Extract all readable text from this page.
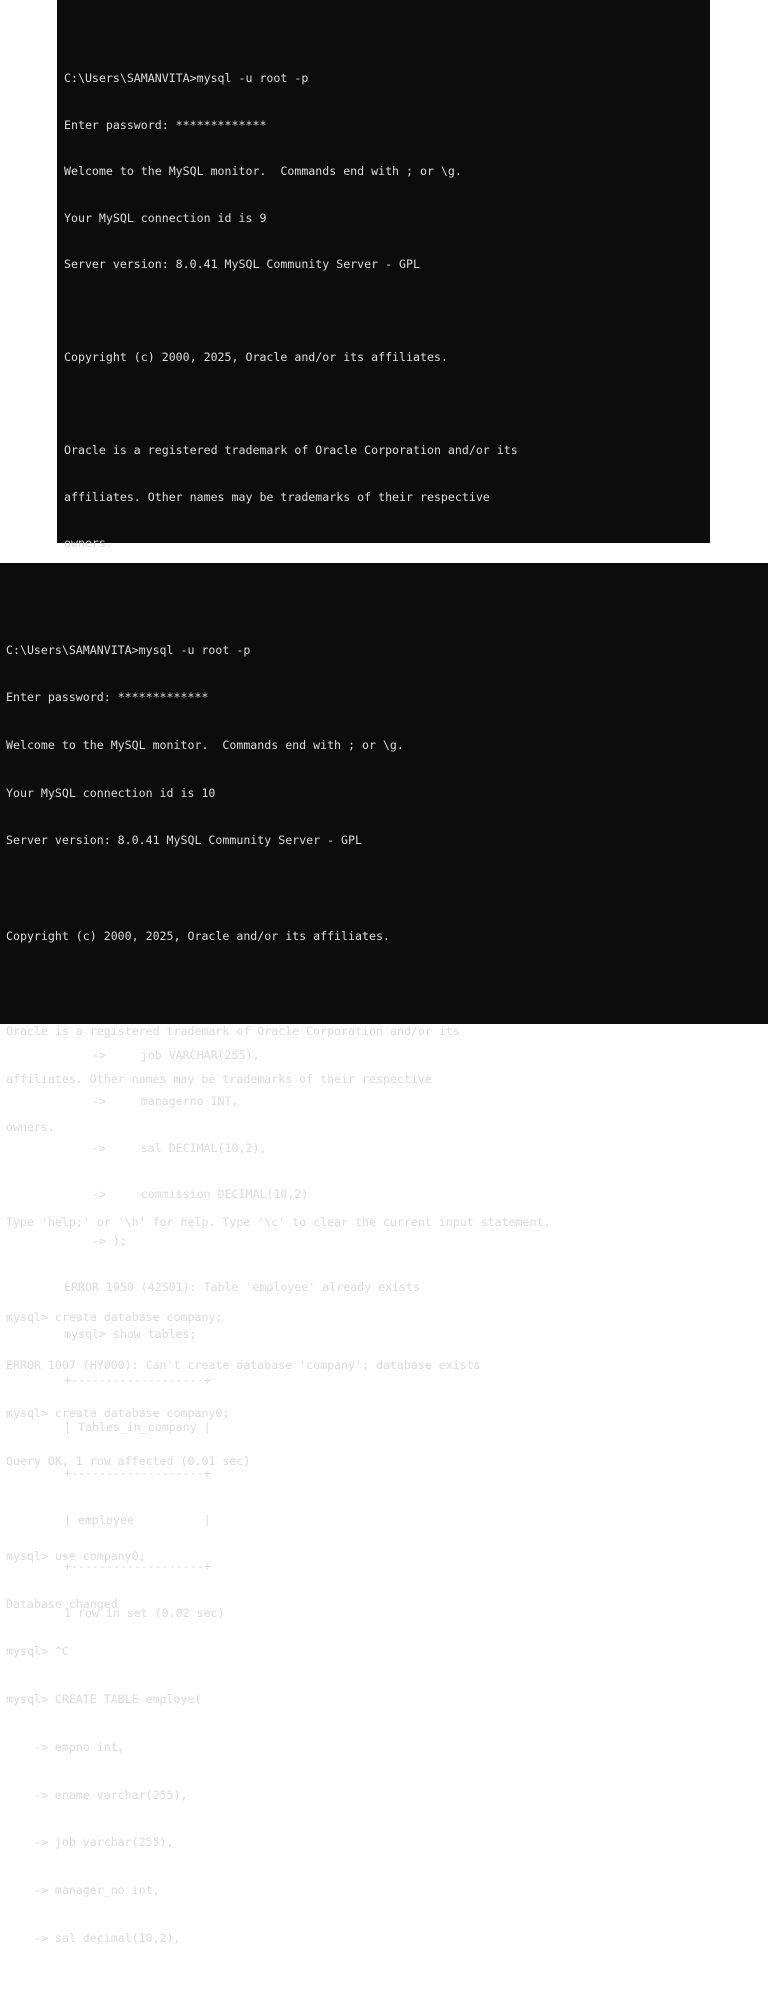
C:\Users\SAMANVITA>mysql -u root -p

Enter password: *************

Welcome to the MySQL monitor.  Commands end with ; or \g.

Your MySQL connection id is 9

Server version: 8.0.41 MySQL Community Server - GPL

Copyright (c) 2000, 2025, Oracle and/or its affiliates.

Oracle is a registered trademark of Oracle Corporation and/or its

affiliates. Other names may be trademarks of their respective

owners.

->     job VARCHAR(255),

->     managerno INT,

->     sal DECIMAL(10,2),

->     commission DECIMAL(10,2)

-> );

ERROR 1050 (42S01): Table 'employee' already exists

mysql> show tables;

+-------------------+

| Tables_in_company |

+-------------------+

| employee          |

+-------------------+

1 row in set (0.02 sec)

C:\Users\SAMANVITA>mysql -u root -p

Enter password: *************

Welcome to the MySQL monitor.  Commands end with ; or \g.

Your MySQL connection id is 10

Server version: 8.0.41 MySQL Community Server - GPL

Copyright (c) 2000, 2025, Oracle and/or its affiliates.

Oracle is a registered trademark of Oracle Corporation and/or its

affiliates. Other names may be trademarks of their respective

owners.

Type 'help;' or '\h' for help. Type '\c' to clear the current input statement.

mysql> create database company;

ERROR 1007 (HY000): Can't create database 'company'; database exists

mysql> create database company0;

Query OK, 1 row affected (0.01 sec)

mysql> use company0;

Database changed

mysql> ^C

mysql> CREATE TABLE employe(

-> empno int,

-> ename varchar(255),

-> job varchar(255),

-> manager_no int,

-> sal decimal(10,2),
